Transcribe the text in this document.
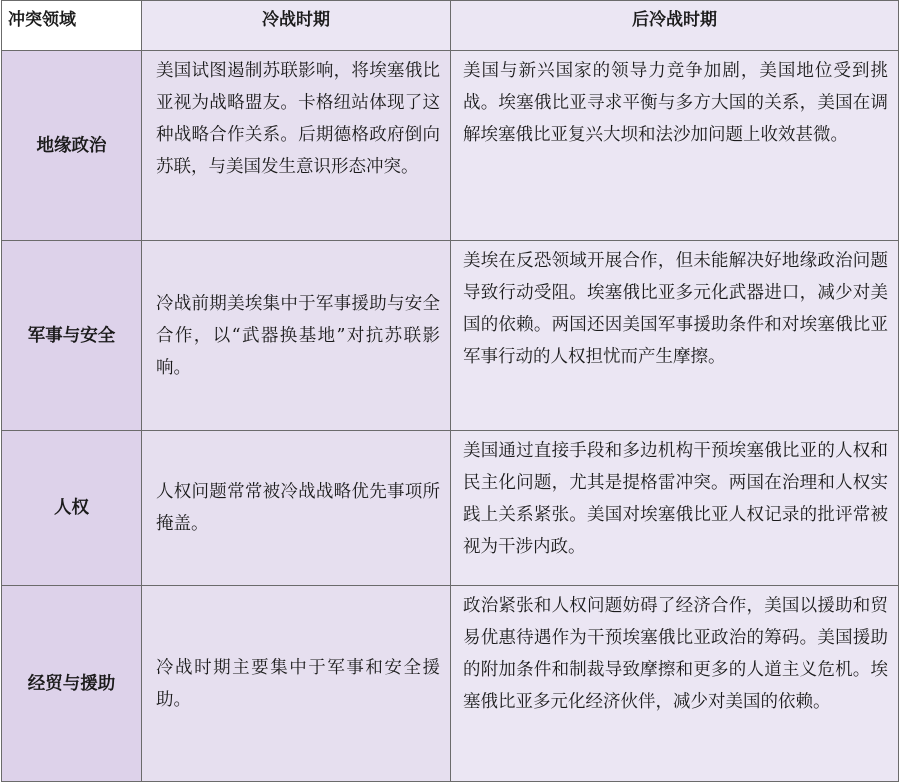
冲突领域	冷战时期	后冷战时期
地缘政治	美国试图遏制苏联影响，将埃塞俄比亚视为战略盟友。卡格纽站体现了这种战略合作关系。后期德格政府倒向苏联，与美国发生意识形态冲突。	美国与新兴国家的领导力竞争加剧，美国地位受到挑战。埃塞俄比亚寻求平衡与多方大国的关系，美国在调解埃塞俄比亚复兴大坝和法沙加问题上收效甚微。
军事与安全	冷战前期美埃集中于军事援助与安全合作，以“武器换基地”对抗苏联影响。	美埃在反恐领域开展合作，但未能解决好地缘政治问题导致行动受阻。埃塞俄比亚多元化武器进口，减少对美国的依赖。两国还因美国军事援助条件和对埃塞俄比亚军事行动的人权担忧而产生摩擦。
人权	人权问题常常被冷战战略优先事项所掩盖。	美国通过直接手段和多边机构干预埃塞俄比亚的人权和民主化问题，尤其是提格雷冲突。两国在治理和人权实践上关系紧张。美国对埃塞俄比亚人权记录的批评常被视为干涉内政。
经贸与援助	冷战时期主要集中于军事和安全援助。	政治紧张和人权问题妨碍了经济合作，美国以援助和贸易优惠待遇作为干预埃塞俄比亚政治的筹码。美国援助的附加条件和制裁导致摩擦和更多的人道主义危机。埃塞俄比亚多元化经济伙伴，减少对美国的依赖。
